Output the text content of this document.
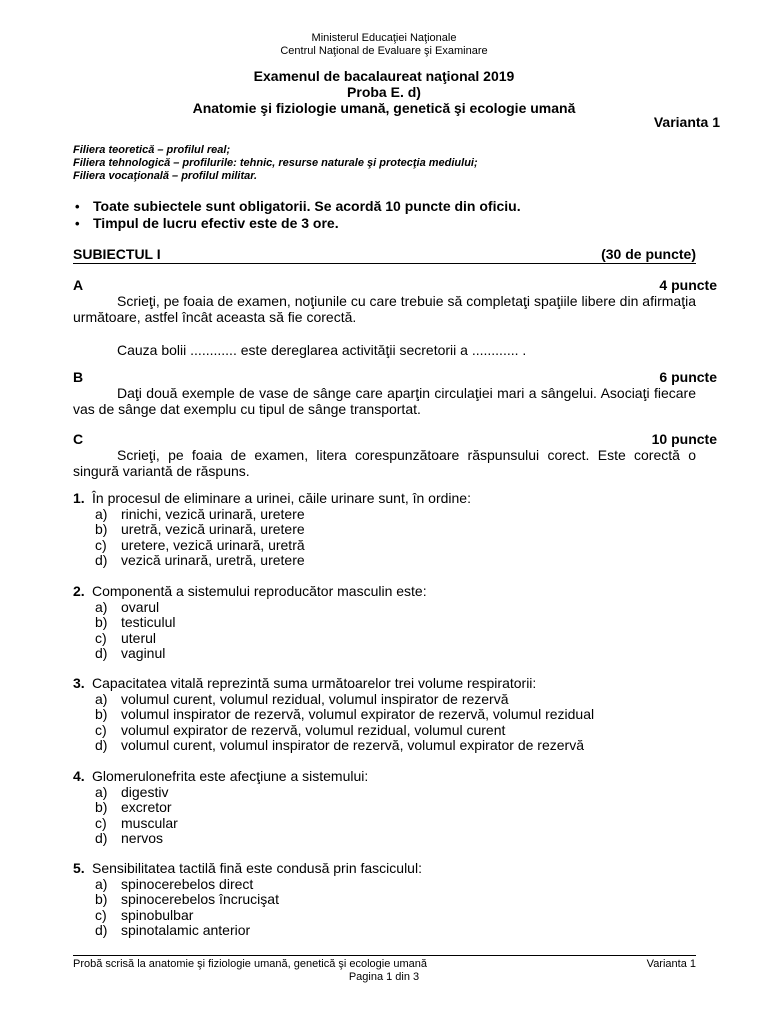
Ministerul Educaţiei Naţionale
Centrul Naţional de Evaluare şi Examinare
Examenul de bacalaureat naţional 2019
Proba E. d)
Anatomie şi fiziologie umană, genetică şi ecologie umană
Varianta 1
Filiera teoretică – profilul real;
Filiera tehnologică – profilurile: tehnic, resurse naturale şi protecţia mediului;
Filiera vocaţională – profilul militar.
• Toate subiectele sunt obligatorii. Se acordă 10 puncte din oficiu.
• Timpul de lucru efectiv este de 3 ore.
SUBIECTUL I	(30 de puncte)
A	4 puncte
Scrieţi, pe foaia de examen, noţiunile cu care trebuie să completaţi spaţiile libere din afirmaţia următoare, astfel încât aceasta să fie corectă.
Cauza bolii ............ este dereglarea activităţii secretorii a ............ .
B	6 puncte
Daţi două exemple de vase de sânge care aparţin circulaţiei mari a sângelui. Asociaţi fiecare vas de sânge dat exemplu cu tipul de sânge transportat.
C	10 puncte
Scrieţi, pe foaia de examen, litera corespunzătoare răspunsului corect. Este corectă o singură variantă de răspuns.
1. În procesul de eliminare a urinei, căile urinare sunt, în ordine:
a) rinichi, vezică urinară, uretere
b) uretră, vezică urinară, uretere
c)	uretere, vezică urinară, uretră
d) vezică urinară, uretră, uretere
2. Componentă a sistemului reproducător masculin este:
a) ovarul
b) testiculul
c)	uterul
d) vaginul
3. Capacitatea vitală reprezintă suma următoarelor trei volume respiratorii:
a) volumul curent, volumul rezidual, volumul inspirator de rezervă
b) volumul inspirator de rezervă, volumul expirator de rezervă, volumul rezidual
c)	volumul expirator de rezervă, volumul rezidual, volumul curent
d) volumul curent, volumul inspirator de rezervă, volumul expirator de rezervă
4. Glomerulonefrita este afecţiune a sistemului:
a) digestiv
b) excretor
c)	muscular
d) nervos
5. Sensibilitatea tactilă fină este condusă prin fasciculul:
a) spinocerebelos direct
b) spinocerebelos încrucişat
c)	spinobulbar
d) spinotalamic anterior
Probă scrisă la anatomie şi fiziologie umană, genetică şi ecologie umană	Varianta 1
Pagina 1 din 3
